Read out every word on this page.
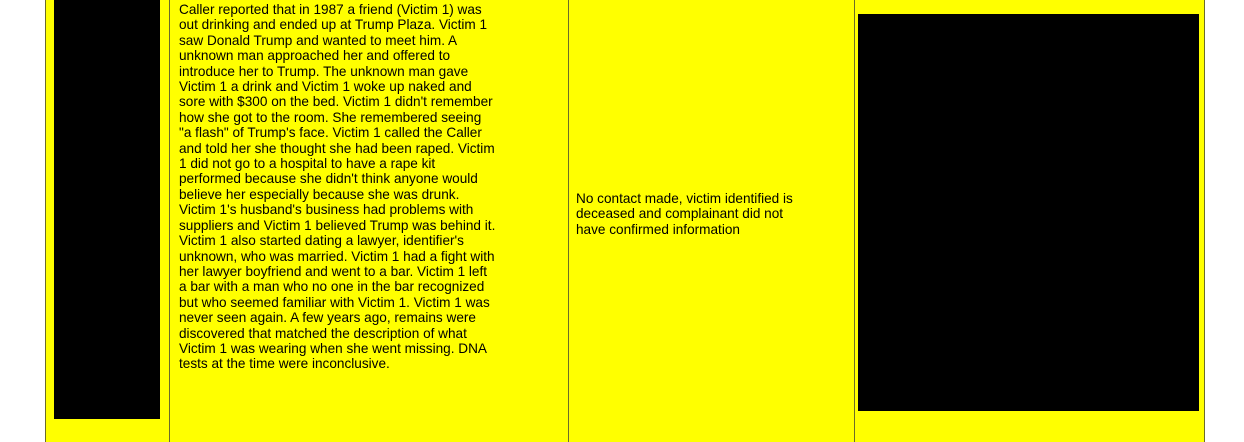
Caller reported that in 1987 a friend (Victim 1) was
out drinking and ended up at Trump Plaza. Victim 1
saw Donald Trump and wanted to meet him. A
unknown man approached her and offered to
introduce her to Trump. The unknown man gave
Victim 1 a drink and Victim 1 woke up naked and
sore with $300 on the bed. Victim 1 didn't remember
how she got to the room. She remembered seeing
"a flash" of Trump's face. Victim 1 called the Caller
and told her she thought she had been raped. Victim
1 did not go to a hospital to have a rape kit
performed because she didn't think anyone would
believe her especially because she was drunk.
Victim 1's husband's business had problems with
suppliers and Victim 1 believed Trump was behind it.
Victim 1 also started dating a lawyer, identifier's
unknown, who was married. Victim 1 had a fight with
her lawyer boyfriend and went to a bar. Victim 1 left
a bar with a man who no one in the bar recognized
but who seemed familiar with Victim 1. Victim 1 was
never seen again. A few years ago, remains were
discovered that matched the description of what
Victim 1 was wearing when she went missing. DNA
tests at the time were inconclusive.

No contact made, victim identified is
deceased and complainant did not
have confirmed information
